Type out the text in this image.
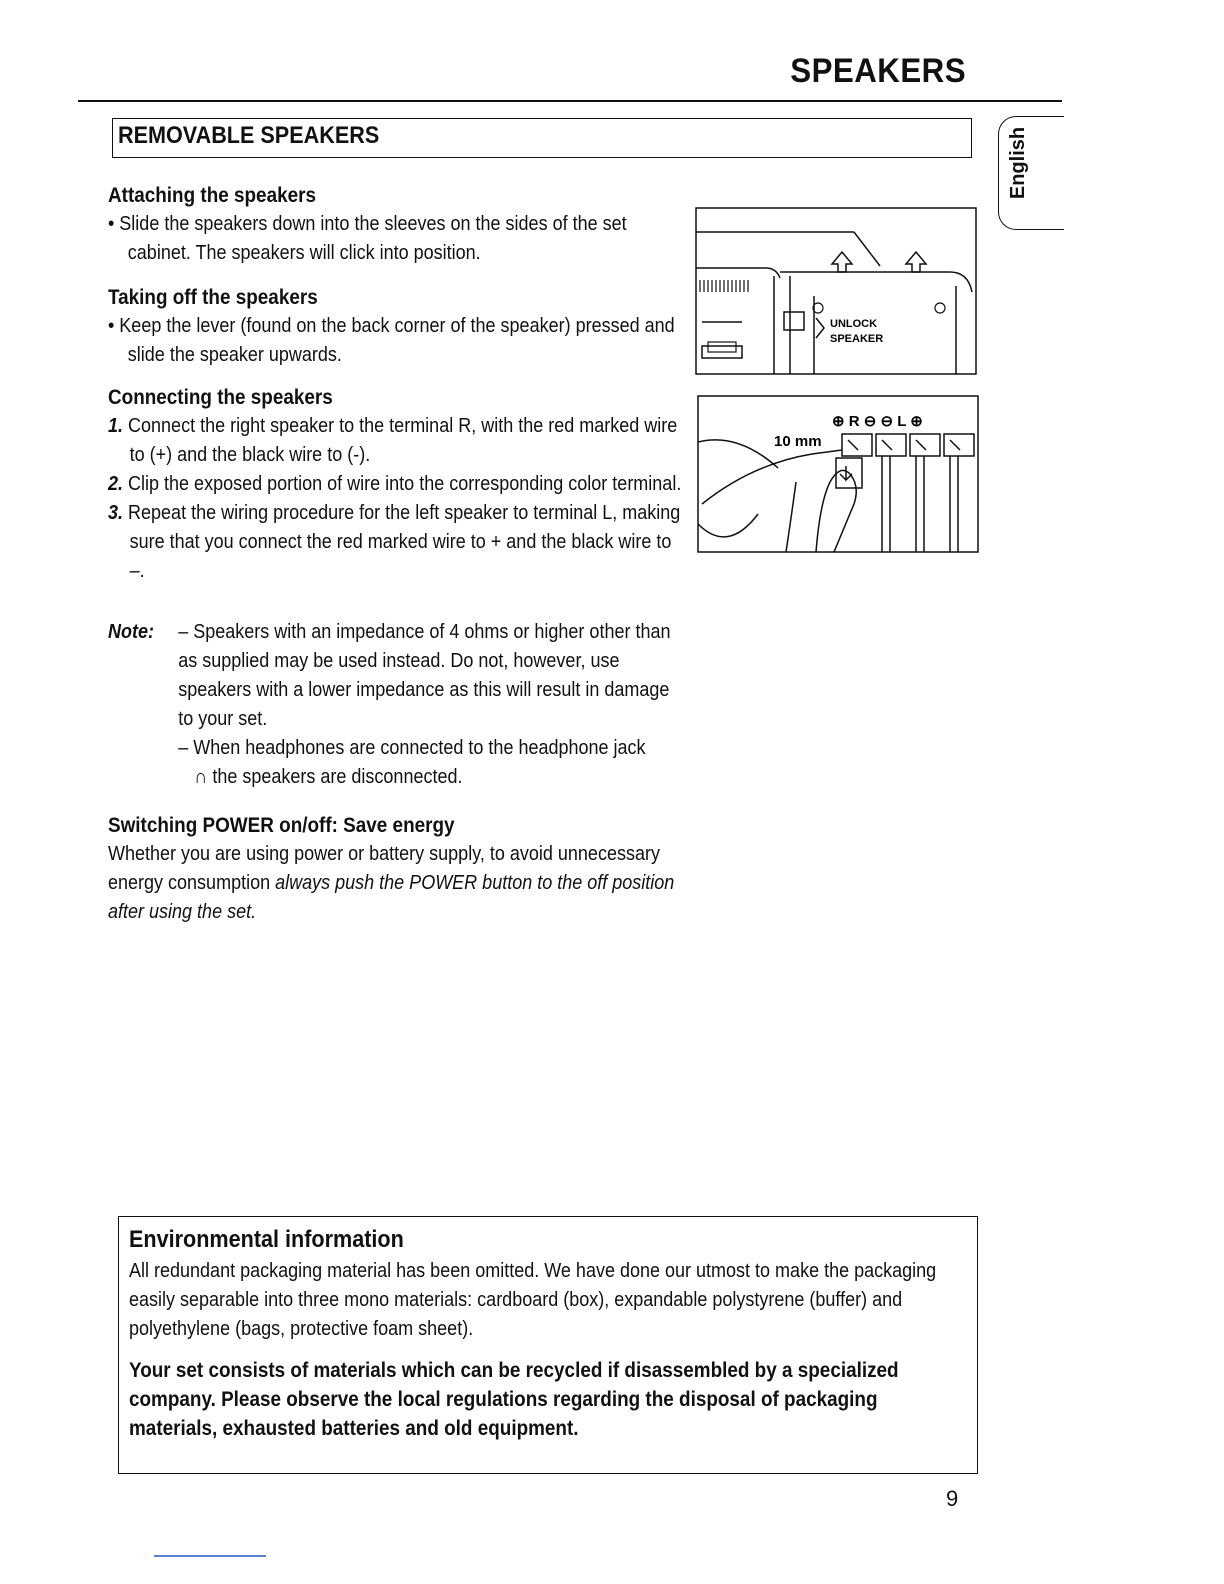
SPEAKERS
REMOVABLE SPEAKERS	English
Attaching the speakers

• Slide the speakers down into the sleeves on the sides of the set cabinet. The speakers will click into position.

Taking off the speakers

• Keep the lever (found on the back corner of the speaker) pressed and slide the speaker upwards.

Connecting the speakers

1. Connect the right speaker to the terminal R, with the red marked wire to (+) and the black wire to (-).

2. Clip the exposed portion of wire into the corresponding color terminal.

3. Repeat the wiring procedure for the left speaker to terminal L, making sure that you connect the red marked wire to + and the black wire to –.

Note:	– Speakers with an impedance of 4 ohms or higher other than as supplied may be used instead. Do not, however, use speakers with a lower impedance as this will result in damage to your set.

– When headphones are connected to the headphone jack

∩ the speakers are disconnected.

Switching POWER on/off: Save energy

Whether you are using power or battery supply, to avoid unnecessary energy consumption always push the POWER button to the off position after using the set.

UNLOCK
SPEAKER
⊕ R ⊖ ⊖ L ⊕
10 mm
Environmental information

All redundant packaging material has been omitted. We have done our utmost to make the packaging easily separable into three mono materials: cardboard (box), expandable polystyrene (buffer) and polyethylene (bags, protective foam sheet).

Your set consists of materials which can be recycled if disassembled by a specialized company. Please observe the local regulations regarding the disposal of packaging materials, exhausted batteries and old equipment.

9
